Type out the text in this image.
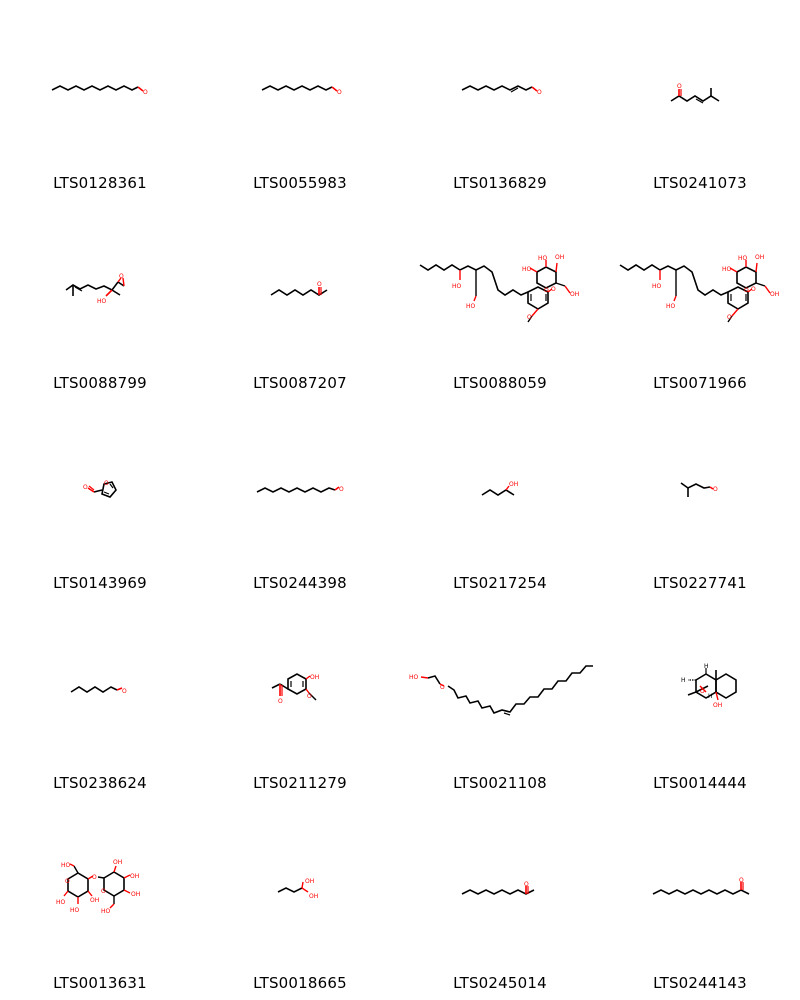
O
LTS0128361
O
LTS0055983
O
LTS0136829
O
LTS0241073
O
HO
LTS0088799
O
LTS0087207
HO
HO
O
O
HO
HO OH
OH
O
LTS0088059
HO
HO
O
O
HO
HO OH
OH
O
LTS0071966
O
O
LTS0143969
O
LTS0244398
OH
LTS0217254
O
LTS0227741
O
LTS0238624
O
OH
O
LTS0211279
HO
O
LTS0021108
H
H
OH
H
O
LTS0014444
O
HO
HO
HO
OH
O
O
OH
OH
OH
HO
LTS0013631
OH
OH
LTS0018665
O
LTS0245014
O
LTS0244143
